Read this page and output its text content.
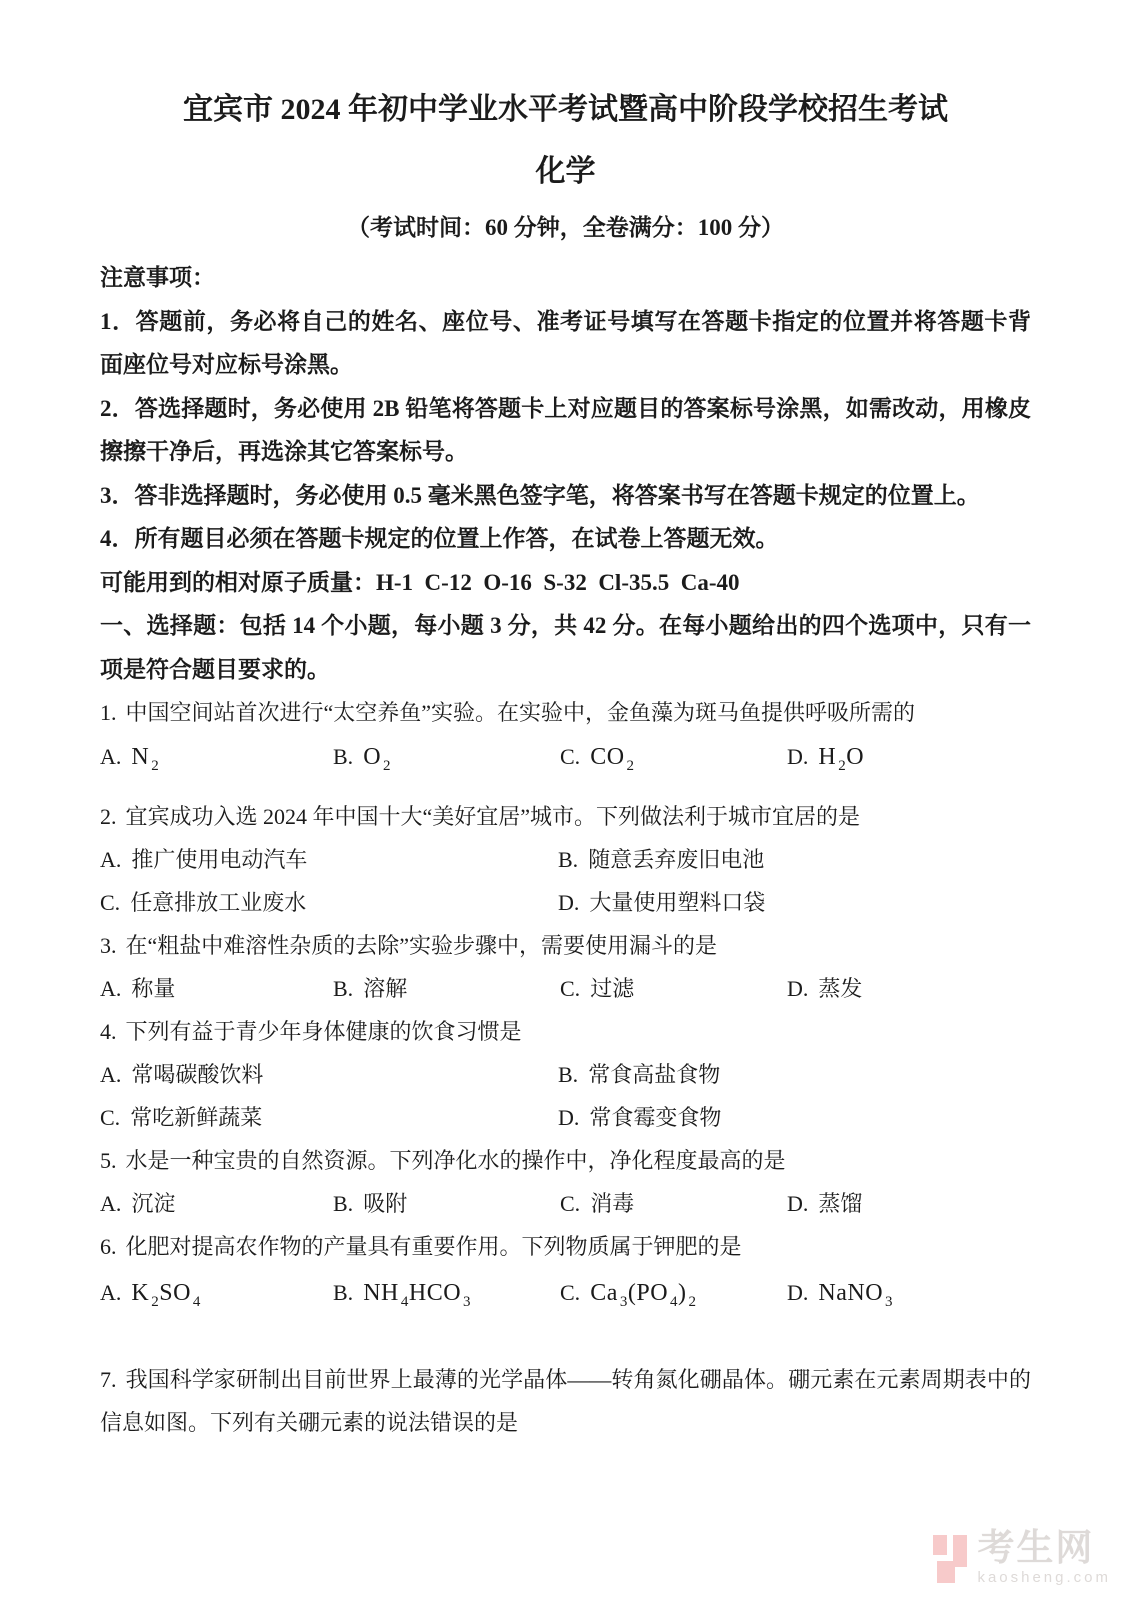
宜宾市 2024 年初中学业水平考试暨高中阶段学校招生考试
化学
（考试时间：60 分钟，全卷满分：100 分）

注意事项：

1．答题前，务必将自己的姓名、座位号、准考证号填写在答题卡指定的位置并将答题卡背面座位号对应标号涂黑。

2．答选择题时，务必使用 2B 铅笔将答题卡上对应题目的答案标号涂黑，如需改动，用橡皮擦擦干净后，再选涂其它答案标号。

3．答非选择题时，务必使用 0.5 毫米黑色签字笔，将答案书写在答题卡规定的位置上。

4．所有题目必须在答题卡规定的位置上作答，在试卷上答题无效。

可能用到的相对原子质量：H-1  C-12  O-16  S-32  Cl-35.5  Ca-40

一、选择题：包括 14 个小题，每小题 3 分，共 42 分。在每小题给出的四个选项中，只有一项是符合题目要求的。

1. 中国空间站首次进行“太空养鱼”实验。在实验中，金鱼藻为斑马鱼提供呼吸所需的

A. N $_2$	B. O $_2$	C. CO $_2$	D. H $_2$O

2. 宜宾成功入选 2024 年中国十大“美好宜居”城市。下列做法利于城市宜居的是

A. 推广使用电动汽车	B. 随意丢弃废旧电池
C. 任意排放工业废水	D. 大量使用塑料口袋

3. 在“粗盐中难溶性杂质的去除”实验步骤中，需要使用漏斗的是

A. 称量	B. 溶解	C. 过滤	D. 蒸发

4. 下列有益于青少年身体健康的饮食习惯是

A. 常喝碳酸饮料	B. 常食高盐食物
C. 常吃新鲜蔬菜	D. 常食霉变食物

5. 水是一种宝贵的自然资源。下列净化水的操作中，净化程度最高的是

A. 沉淀	B. 吸附	C. 消毒	D. 蒸馏

6. 化肥对提高农作物的产量具有重要作用。下列物质属于钾肥的是

A. K $_2$SO $_4$	B. NH $_4$HCO $_3$	C. Ca $_3$(PO $_4$) $_2$	D. NaNO $_3$

7. 我国科学家研制出目前世界上最薄的光学晶体——转角氮化硼晶体。硼元素在元素周期表中的信息如图。下列有关硼元素的说法错误的是

考生网
kaosheng.com
